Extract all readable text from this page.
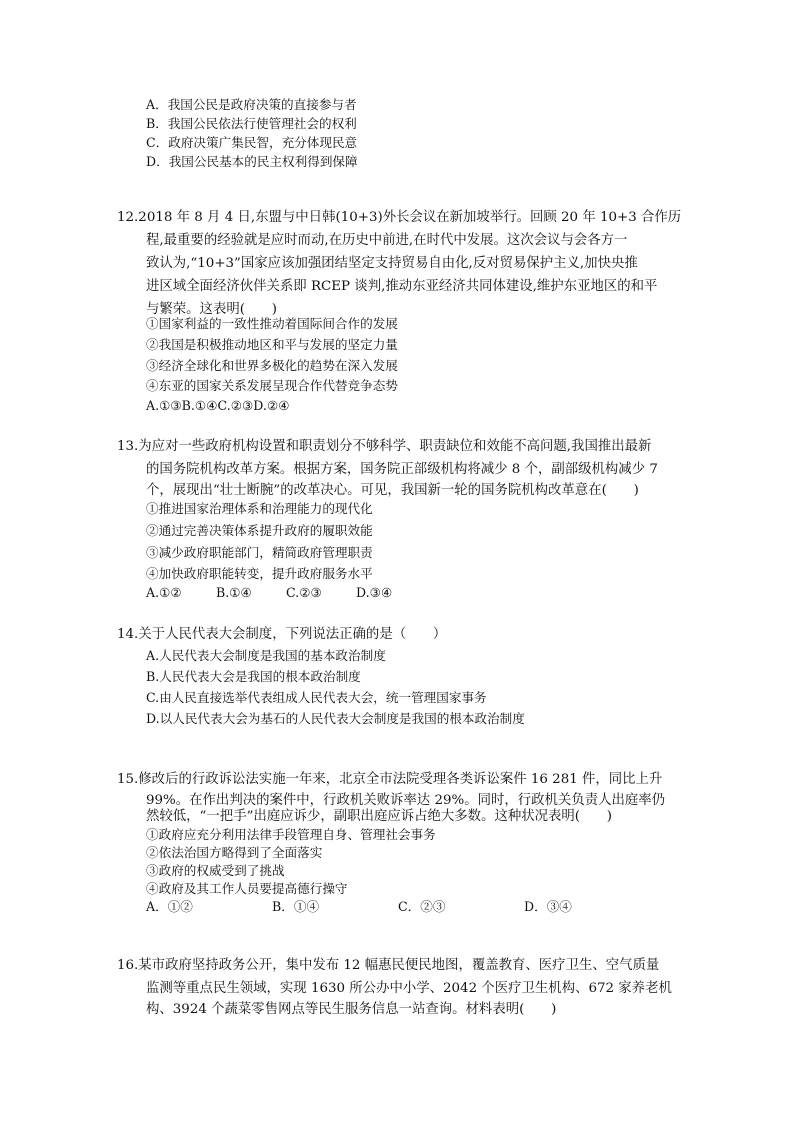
A．我国公民是政府决策的直接参与者
B．我国公民依法行使管理社会的权利
C．政府决策广集民智，充分体现民意
D．我国公民基本的民主权利得到保障
12.2018 年 8 月 4 日,东盟与中日韩(10+3)外长会议在新加坡举行。回顾 20 年 10+3 合作历
程,最重要的经验就是应时而动,在历史中前进,在时代中发展。这次会议与会各方一
致认为,“10+3”国家应该加强团结坚定支持贸易自由化,反对贸易保护主义,加快央推
进区域全面经济伙伴关系即 RCEP 谈判,推动东亚经济共同体建设,维护东亚地区的和平
与繁荣。这表明(　　)
①国家利益的一致性推动着国际间合作的发展
②我国是积极推动地区和平与发展的坚定力量
③经济全球化和世界多极化的趋势在深入发展
④东亚的国家关系发展呈现合作代替竞争态势
A.①③B.①④C.②③D.②④
13.为应对一些政府机构设置和职责划分不够科学、职责缺位和效能不高问题,我国推出最新
的国务院机构改革方案。根据方案，国务院正部级机构将减少 8 个，副部级机构减少 7
个，展现出“壮士断腕”的改革决心。可见，我国新一轮的国务院机构改革意在(　　)
①推进国家治理体系和治理能力的现代化
②通过完善决策体系提升政府的履职效能
③减少政府职能部门，精简政府管理职责
④加快政府职能转变，提升政府服务水平
A.①②	B.①④	C.②③	D.③④
14.关于人民代表大会制度，下列说法正确的是（　　）
A.人民代表大会制度是我国的基本政治制度
B.人民代表大会是我国的根本政治制度
C.由人民直接选举代表组成人民代表大会，统一管理国家事务
D.以人民代表大会为基石的人民代表大会制度是我国的根本政治制度
15.修改后的行政诉讼法实施一年来，北京全市法院受理各类诉讼案件 16 281 件，同比上升
99%。在作出判决的案件中，行政机关败诉率达 29%。同时，行政机关负责人出庭率仍
然较低，“一把手”出庭应诉少，副职出庭应诉占绝大多数。这种状况表明(　　)
①政府应充分利用法律手段管理自身、管理社会事务
②依法治国方略得到了全面落实
③政府的权威受到了挑战
④政府及其工作人员要提高德行操守
A．①②	B．①④	C．②③	D．③④
16.某市政府坚持政务公开，集中发布 12 幅惠民便民地图，覆盖教育、医疗卫生、空气质量
监测等重点民生领域，实现 1630 所公办中小学、2042 个医疗卫生机构、672 家养老机
构、3924 个蔬菜零售网点等民生服务信息一站查询。材料表明(　　)
